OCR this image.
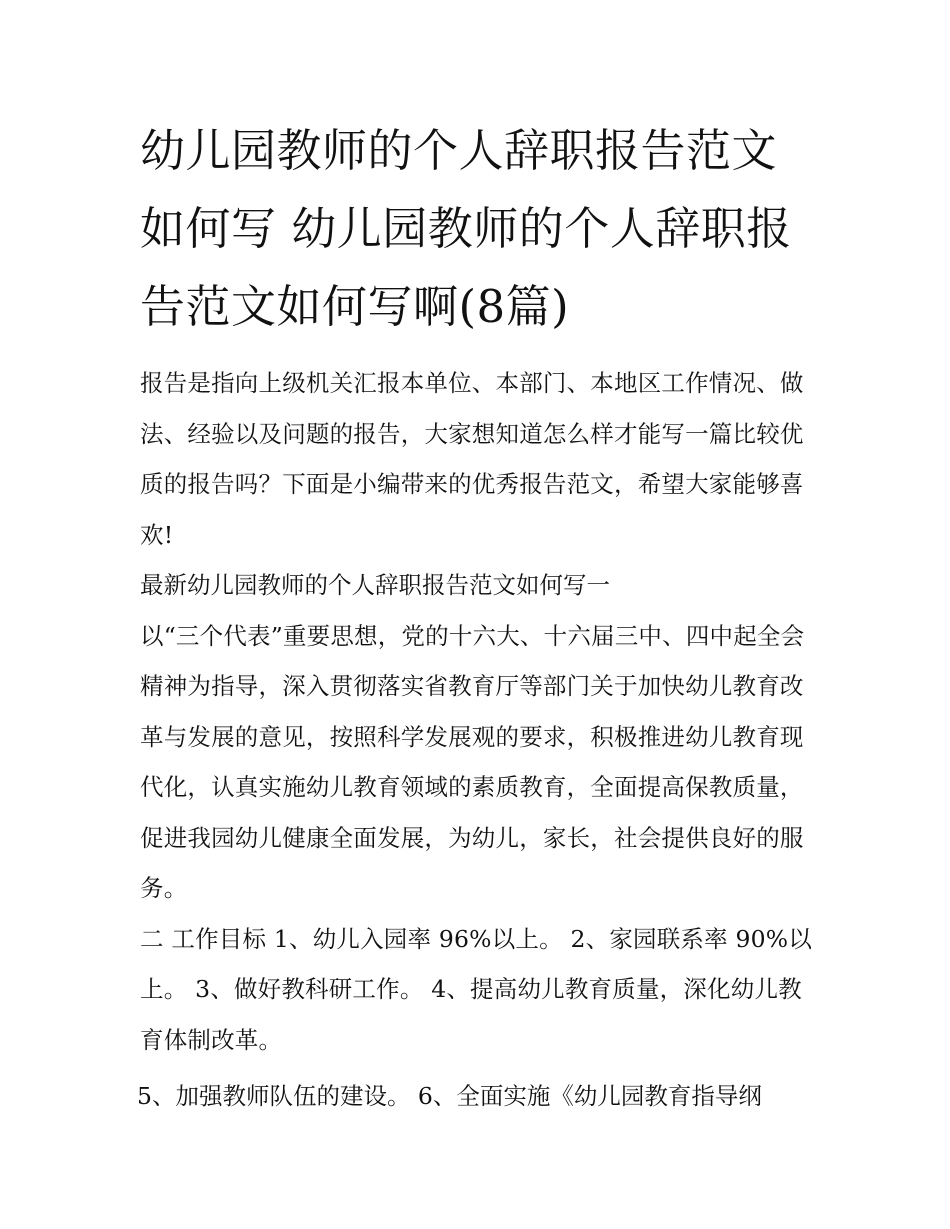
幼儿园教师的个人辞职报告范文如何写 幼儿园教师的个人辞职报告范文如何写啊(8篇)

报告是指向上级机关汇报本单位、本部门、本地区工作情况、做法、经验以及问题的报告，大家想知道怎么样才能写一篇比较优质的报告吗？下面是小编带来的优秀报告范文，希望大家能够喜欢!

最新幼儿园教师的个人辞职报告范文如何写一

以“三个代表”重要思想，党的十六大、十六届三中、四中起全会精神为指导，深入贯彻落实省教育厅等部门关于加快幼儿教育改革与发展的意见，按照科学发展观的要求，积极推进幼儿教育现代化，认真实施幼儿教育领域的素质教育，全面提高保教质量，促进我园幼儿健康全面发展，为幼儿，家长，社会提供良好的服务。

二 工作目标 1、幼儿入园率 96%以上。 2、家园联系率 90%以上。 3、做好教科研工作。 4、提高幼儿教育质量，深化幼儿教育体制改革。

5、加强教师队伍的建设。 6、全面实施《幼儿园教育指导纲
